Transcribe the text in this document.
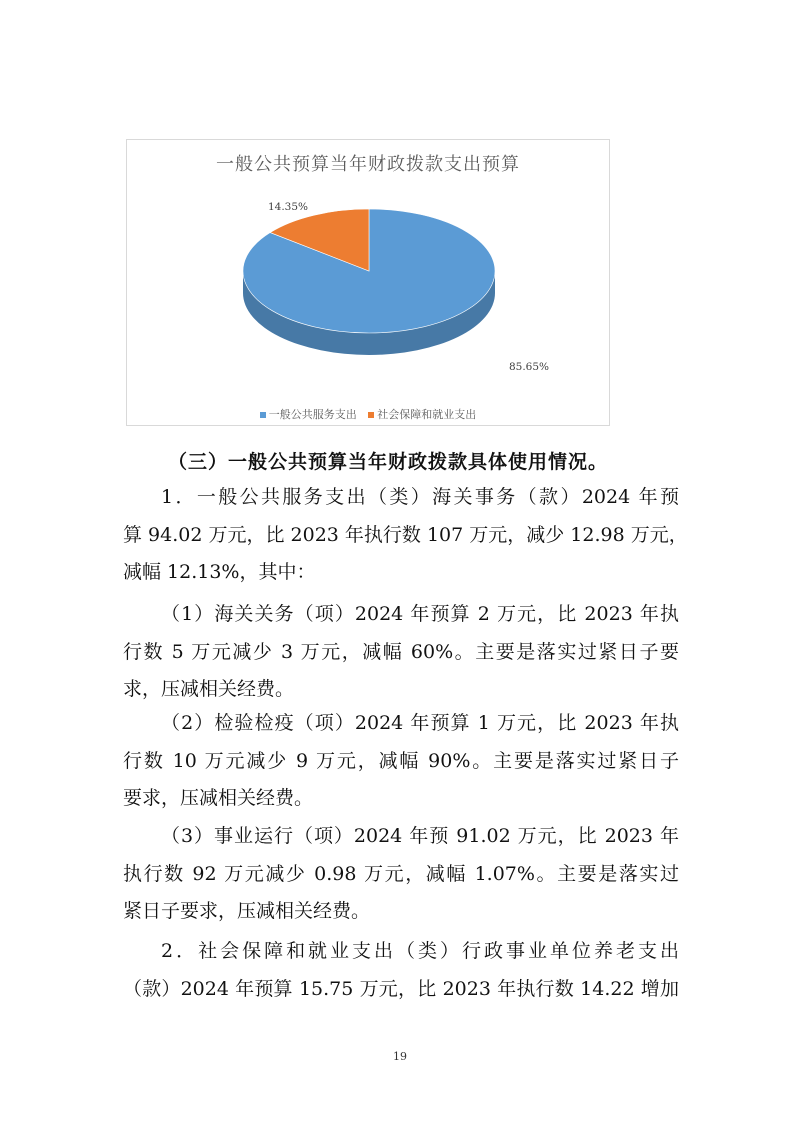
一般公共预算当年财政拨款支出预算
85.65%
14.35%
一般公共服务支出 社会保障和就业支出
（三）一般公共预算当年财政拨款具体使用情况。
1．一般公共服务支出（类）海关事务（款）2024 年预
算 94.02 万元，比 2023 年执行数 107 万元，减少 12.98 万元，
减幅 12.13%，其中：
（1）海关关务（项）2024 年预算 2 万元，比 2023 年执
行数 5 万元减少 3 万元，减幅 60%。主要是落实过紧日子要
求，压减相关经费。
（2）检验检疫（项）2024 年预算 1 万元，比 2023 年执
行数 10 万元减少 9 万元，减幅 90%。主要是落实过紧日子
要求，压减相关经费。
（3）事业运行（项）2024 年预 91.02 万元，比 2023 年
执行数 92 万元减少 0.98 万元，减幅 1.07%。主要是落实过
紧日子要求，压减相关经费。
2．社会保障和就业支出（类）行政事业单位养老支出
（款）2024 年预算 15.75 万元，比 2023 年执行数 14.22 增加
19
